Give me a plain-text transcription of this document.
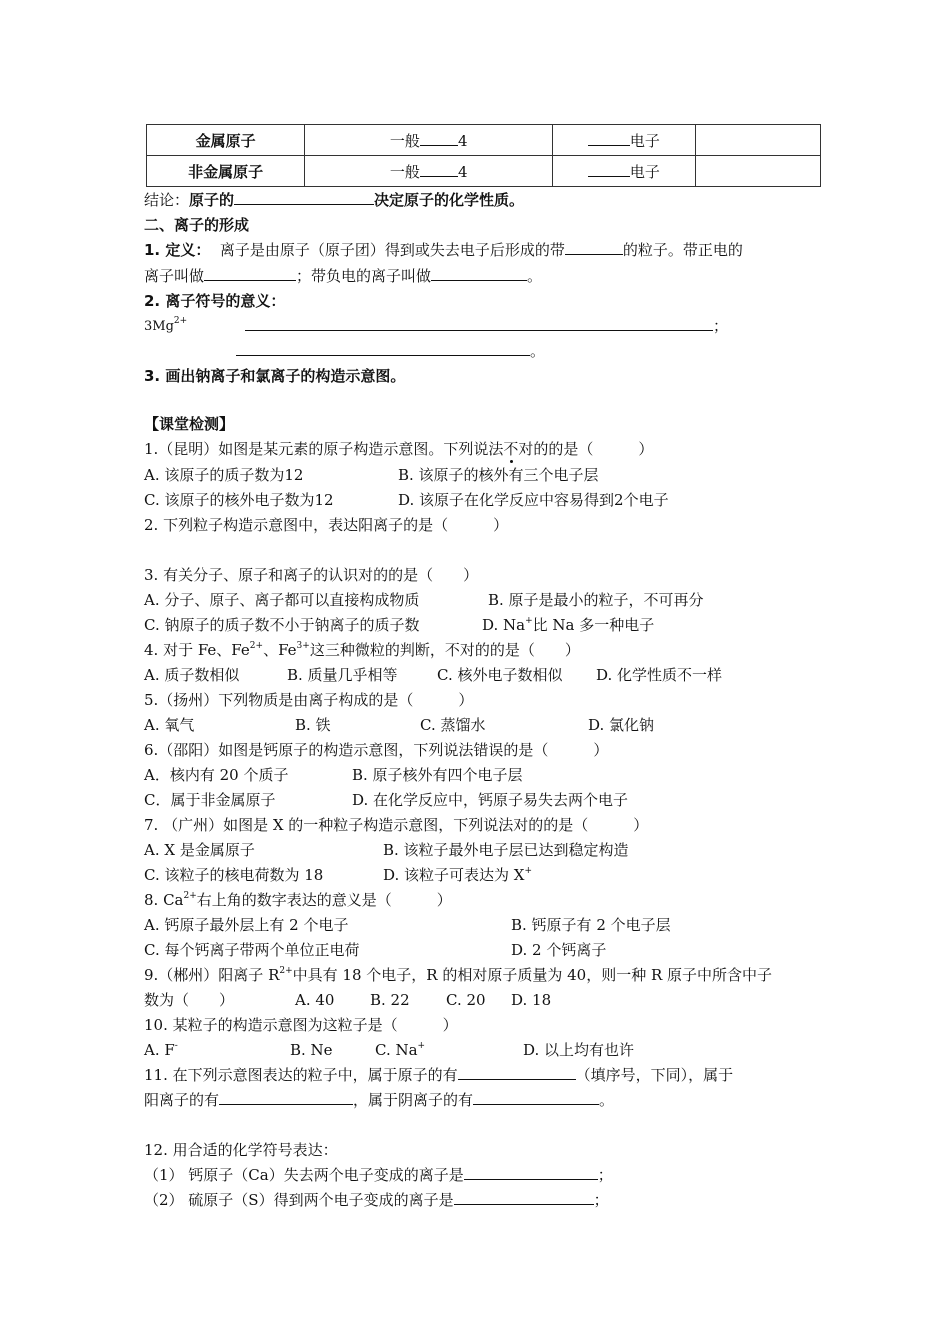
金属原子	一般 4	电子	
非金属原子	一般 4	电子	
结论：原子的	决定原子的化学性质。
二、离子的形成
1. 定义： 离子是由原子（原子团）得到或失去电子后形成的带	的粒子。带正电的
离子叫做	；带负电的离子叫做	。
2. 离子符号的意义：
$3Mg^{2+}$	；
。
3. 画出钠离子和氯离子的构造示意图。
【课堂检测】
1.（昆明）如图是某元素的原子构造示意图。下列说法不对的的是（　　　）
A. 该原子的质子数为12	B. 该原子的核外有三个电子层
C. 该原子的核外电子数为12	D. 该原子在化学反应中容易得到2个电子
2. 下列粒子构造示意图中，表达阳离子的是（　　　）
3. 有关分子、原子和离子的认识对的的是（　　）
A. 分子、原子、离子都可以直接构成物质	B. 原子是最小的粒子，不可再分
C. 钠原子的质子数不小于钠离子的质子数	D. Na+比 Na 多一种电子
4. 对于 Fe、$Fe^{2+}$、$Fe^{3+}$这三种微粒的判断，不对的的是（　　）
A. 质子数相似	B. 质量几乎相等	C. 核外电子数相似 D. 化学性质不一样
5.（扬州）下列物质是由离子构成的是（　　　）
A. 氧气	B. 铁	C. 蒸馏水	D. 氯化钠
6.（邵阳）如图是钙原子的构造示意图，下列说法错误的是（　　　）
A．核内有 20 个质子	B. 原子核外有四个电子层
C．属于非金属原子	D. 在化学反应中，钙原子易失去两个电子
7. （广州）如图是 X 的一种粒子构造示意图，下列说法对的的是（　　　）
A. X 是金属原子	B. 该粒子最外电子层已达到稳定构造
C. 该粒子的核电荷数为 18	D. 该粒子可表达为 X+
8. $Ca^{2+}$右上角的数字表达的意义是（　　　）
A. 钙原子最外层上有 2 个电子	B. 钙原子有 2 个电子层
C. 每个钙离子带两个单位正电荷	D. 2 个钙离子
9.（郴州）阳离子 $R^{2+}$中具有 18 个电子，R 的相对原子质量为 40，则一种 R 原子中所含中子
数为（　　）	A. 40 B. 22 C. 20 D. 18
10. 某粒子的构造示意图为这粒子是（　　　）
A. F-	B. Ne	C. Na+	D. 以上均有也许
11. 在下列示意图表达的粒子中，属于原子的有	（填序号，下同），属于
阳离子的有	，属于阴离子的有	。
12. 用合适的化学符号表达：
（1） 钙原子（Ca）失去两个电子变成的离子是	；
（2） 硫原子（S）得到两个电子变成的离子是	；
